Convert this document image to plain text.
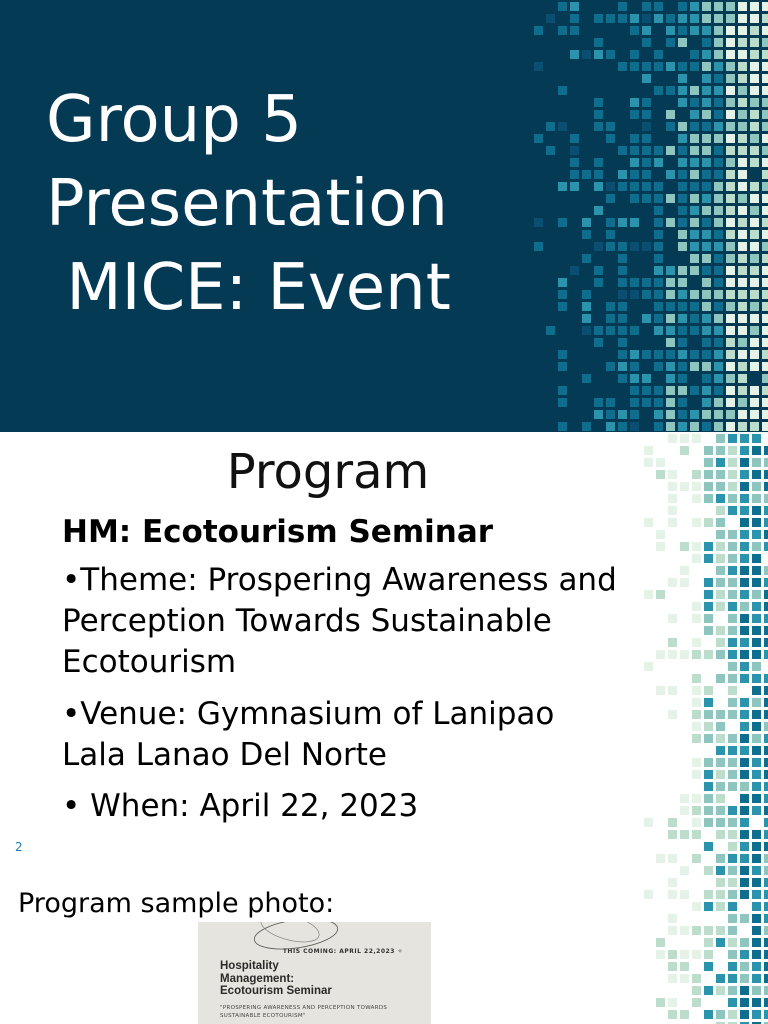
Group 5
Presentation
MICE: Event
Program
HM: Ecotourism Seminar
•Theme: Prospering Awareness and Perception Towards Sustainable Ecotourism
•Venue: Gymnasium of Lanipao Lala Lanao Del Norte
• When: April 22, 2023
2
Program sample photo:
THIS COMING: APRIL 22,2023 ✧
Hospitality
Management:
Ecotourism Seminar
"PROSPERING AWARENESS AND PERCEPTION TOWARDS SUSTAINABLE ECOTOURISM"
